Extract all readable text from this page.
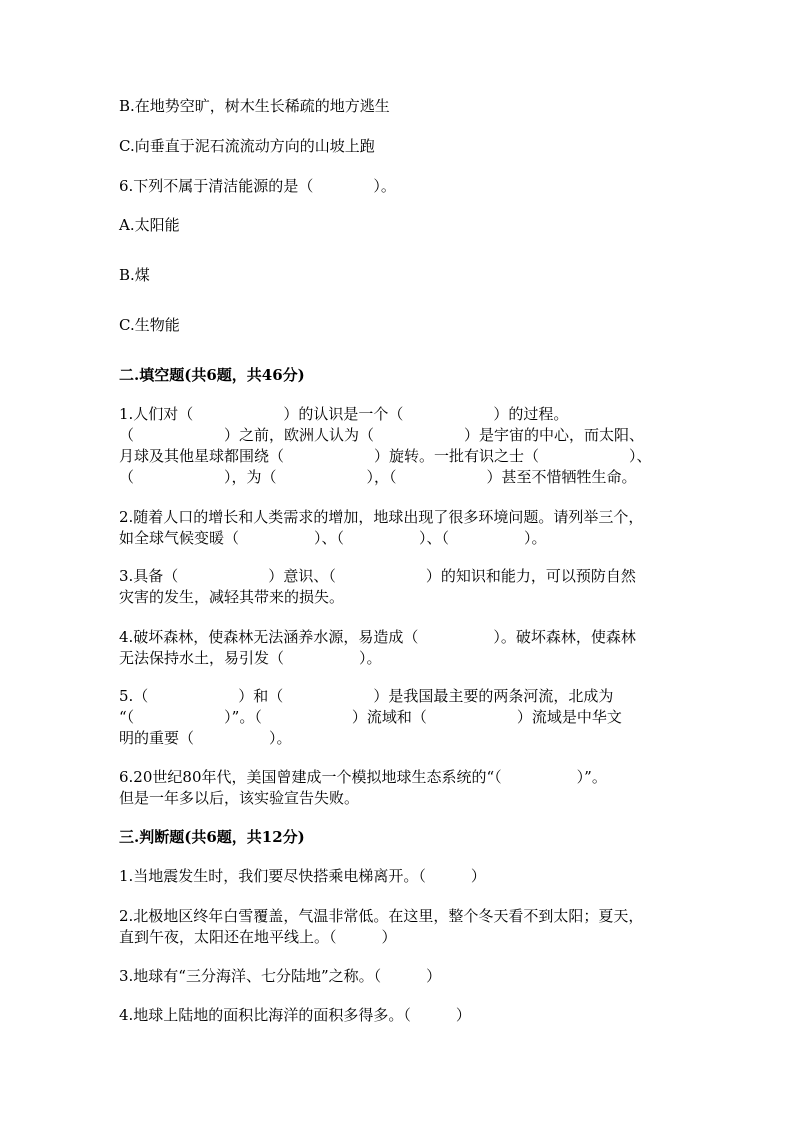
B.在地势空旷，树木生长稀疏的地方逃生
C.向垂直于泥石流流动方向的山坡上跑
6.下列不属于清洁能源的是（　　　　）。
A.太阳能
B.煤
C.生物能
二.填空题(共6题，共46分)
1.人们对（　　　　　　）的认识是一个（　　　　　　）的过程。
（　　　　　　）之前，欧洲人认为（　　　　　　）是宇宙的中心，而太阳、
月球及其他星球都围绕（　　　　　　）旋转。一批有识之士（　　　　　　）、
（　　　　　　），为（　　　　　　），（　　　　　　）甚至不惜牺牲生命。
2.随着人口的增长和人类需求的增加，地球出现了很多环境问题。请列举三个，
如全球气候变暖（　　　　　）、（　　　　　）、（　　　　　）。
3.具备（　　　　　　）意识、（　　　　　　）的知识和能力，可以预防自然
灾害的发生，减轻其带来的损失。
4.破坏森林，使森林无法涵养水源，易造成（　　　　　）。破坏森林，使森林
无法保持水土，易引发（　　　　　）。
5.（　　　　　　）和（　　　　　　）是我国最主要的两条河流，北成为
“（　　　　　　）”。（　　　　　　）流域和（　　　　　　）流域是中华文
明的重要（　　　　　）。
6.20世纪80年代，美国曾建成一个模拟地球生态系统的“（　　　　　）”。
但是一年多以后，该实验宣告失败。
三.判断题(共6题，共12分)
1.当地震发生时，我们要尽快搭乘电梯离开。（　　　）
2.北极地区终年白雪覆盖，气温非常低。在这里，整个冬天看不到太阳；夏天，
直到午夜，太阳还在地平线上。（　　　）
3.地球有“三分海洋、七分陆地”之称。（　　　）
4.地球上陆地的面积比海洋的面积多得多。（　　　）
